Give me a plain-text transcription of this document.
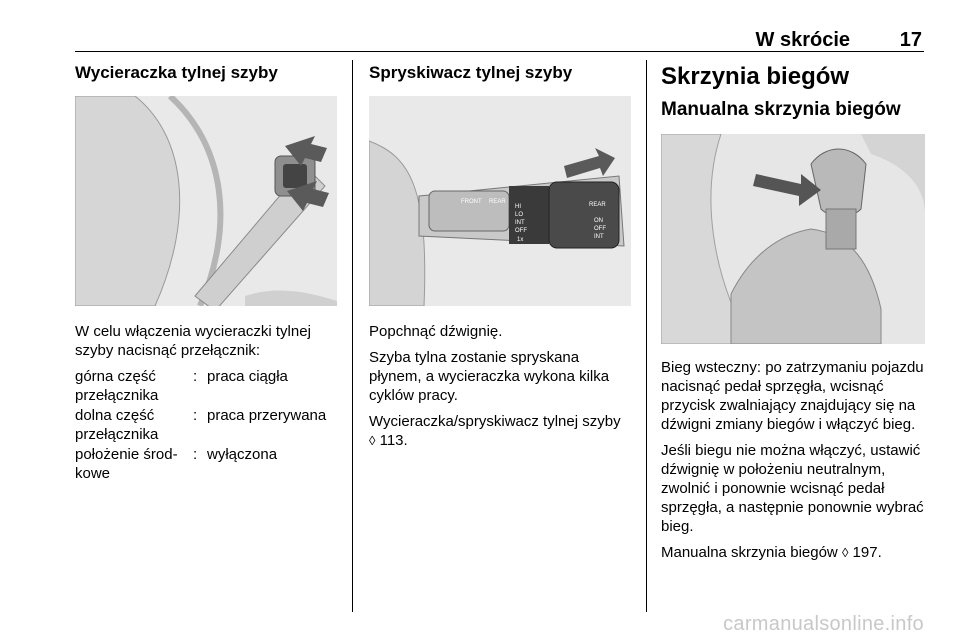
W skrócie 17
Wycieraczka tylnej szyby

W celu włączenia wycieraczki tylnej szyby nacisnąć przełącznik:

górna część przełącznika
: praca ciągła
dolna część przełącznika
: praca przerywana
położenie środ-kowe
: wyłączona
Spryskiwacz tylnej szyby
FRONT REAR
HI
LO
INT
OFF
1x
REAR
ON
OFF
INT

Popchnąć dźwignię.

Szyba tylna zostanie spryskana płynem, a wycieraczka wykona kilka cyklów pracy.

Wycieraczka/spryskiwacz tylnej szyby ◊ 113.

Skrzynia biegów
Manualna skrzynia biegów

Bieg wsteczny: po zatrzymaniu pojazdu nacisnąć pedał sprzęgła, wcisnąć przycisk zwalniający znajdujący się na dźwigni zmiany biegów i włączyć bieg.

Jeśli biegu nie można włączyć, ustawić dźwignię w położeniu neutralnym, zwolnić i ponownie wcisnąć pedał sprzęgła, a następnie ponownie wybrać bieg.

Manualna skrzynia biegów ◊ 197.

carmanualsonline.info
